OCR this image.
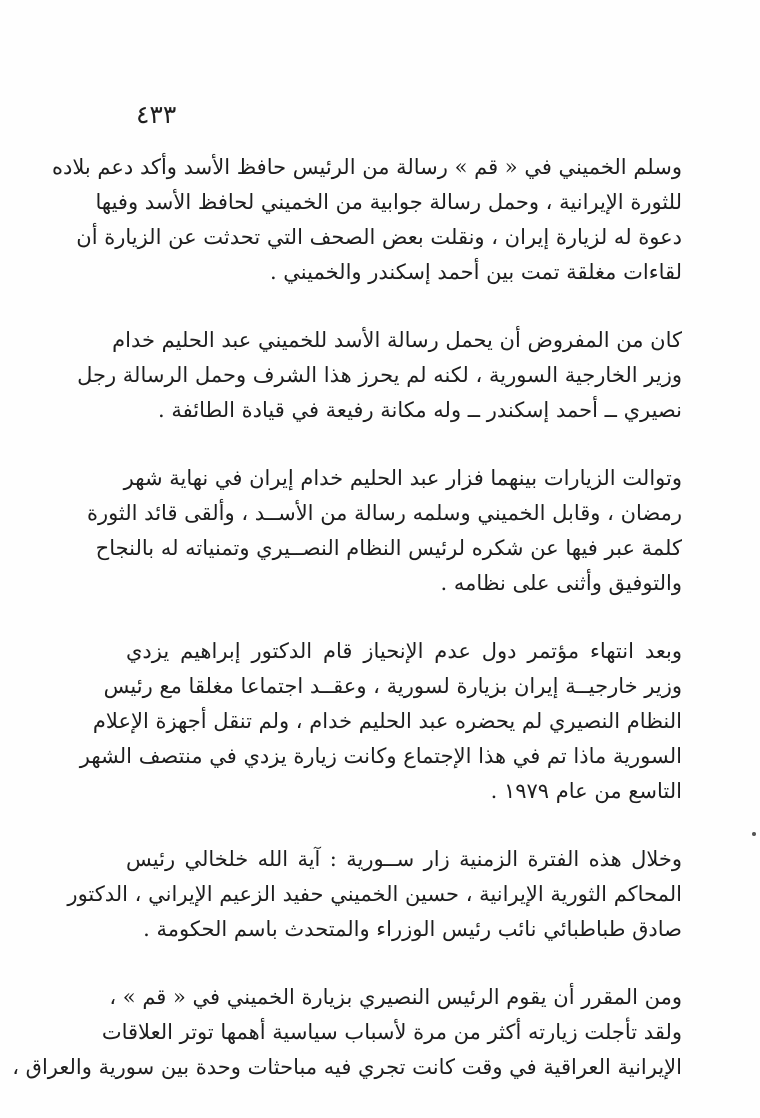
٤٣٣
وسلم الخميني في « قم » رسالة من الرئيس حافظ الأسد وأكد دعم بلاده
للثورة الإيرانية ، وحمل رسالة جوابية من الخميني لحافظ الأسد وفيها
دعوة له لزيارة إيران ، ونقلت بعض الصحف التي تحدثت عن الزيارة أن
لقاءات مغلقة تمت بين أحمد إسكندر والخميني .
كان من المفروض أن يحمل رسالة الأسد للخميني عبد الحليم خدام
وزير الخارجية السورية ، لكنه لم يحرز هذا الشرف وحمل الرسالة رجل
نصيري ــ أحمد إسكندر ــ وله مكانة رفيعة في قيادة الطائفة .
وتوالت الزيارات بينهما فزار عبد الحليم خدام إيران في نهاية شهر
رمضان ، وقابل الخميني وسلمه رسالة من الأســد ، وألقى قائد الثورة
كلمة عبر فيها عن شكره لرئيس النظام النصــيري وتمنياته له بالنجاح
والتوفيق وأثنى على نظامه .
وبعد انتهاء مؤتمر دول عدم الإنحياز قام الدكتور إبراهيم يزدي
وزير خارجيــة إيران بزيارة لسورية ، وعقــد اجتماعا مغلقا مع رئيس
النظام النصيري لم يحضره عبد الحليم خدام ، ولم تنقل أجهزة الإعلام
السورية ماذا تم في هذا الإجتماع وكانت زيارة يزدي في منتصف الشهر
التاسع من عام ١٩٧٩ .
وخلال هذه الفترة الزمنية زار ســورية : آية الله خلخالي رئيس
المحاكم الثورية الإيرانية ، حسين الخميني حفيد الزعيم الإيراني ، الدكتور
صادق طباطبائي نائب رئيس الوزراء والمتحدث باسم الحكومة .
ومن المقرر أن يقوم الرئيس النصيري بزيارة الخميني في « قم » ،
ولقد تأجلت زيارته أكثر من مرة لأسباب سياسية أهمها توتر العلاقات
الإيرانية العراقية في وقت كانت تجري فيه مباحثات وحدة بين سورية والعراق ،
